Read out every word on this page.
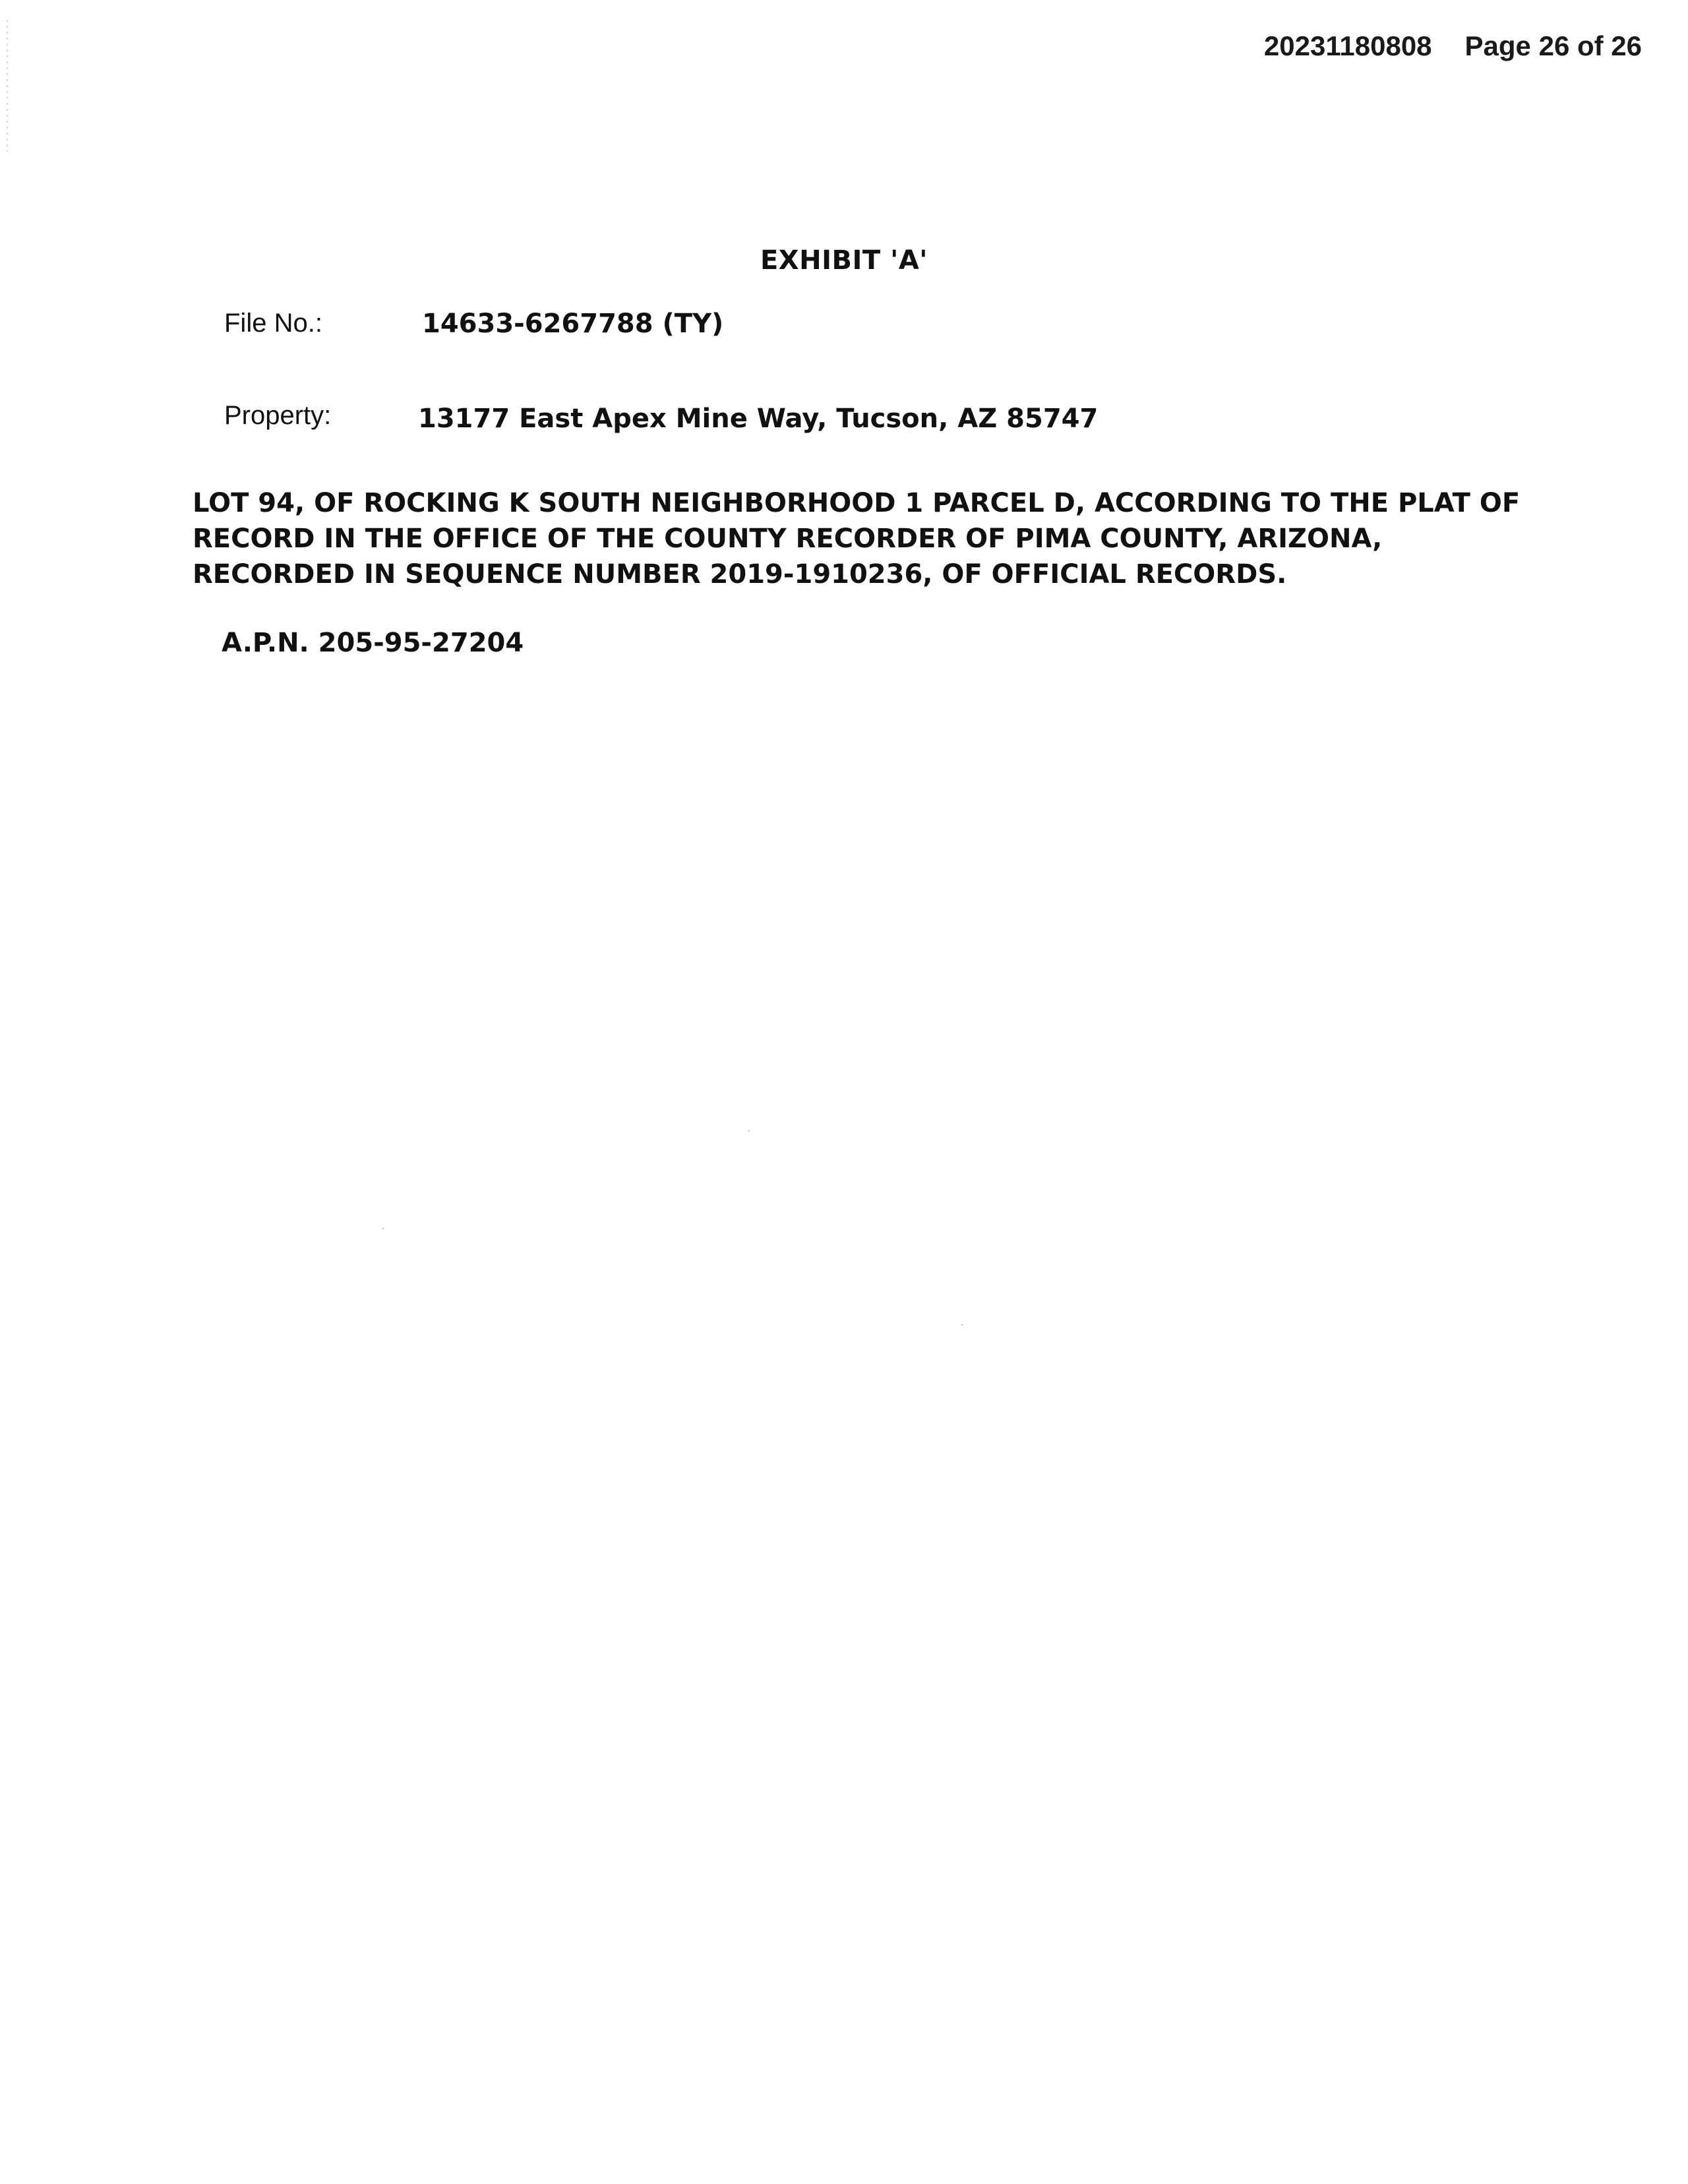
20231180808 Page 26 of 26
EXHIBIT 'A'
File No.:	14633-6267788 (TY)
Property:	13177 East Apex Mine Way, Tucson, AZ 85747
LOT 94, OF ROCKING K SOUTH NEIGHBORHOOD 1 PARCEL D, ACCORDING TO THE PLAT OF
RECORD IN THE OFFICE OF THE COUNTY RECORDER OF PIMA COUNTY, ARIZONA,
RECORDED IN SEQUENCE NUMBER 2019-1910236, OF OFFICIAL RECORDS.
A.P.N. 205-95-27204
